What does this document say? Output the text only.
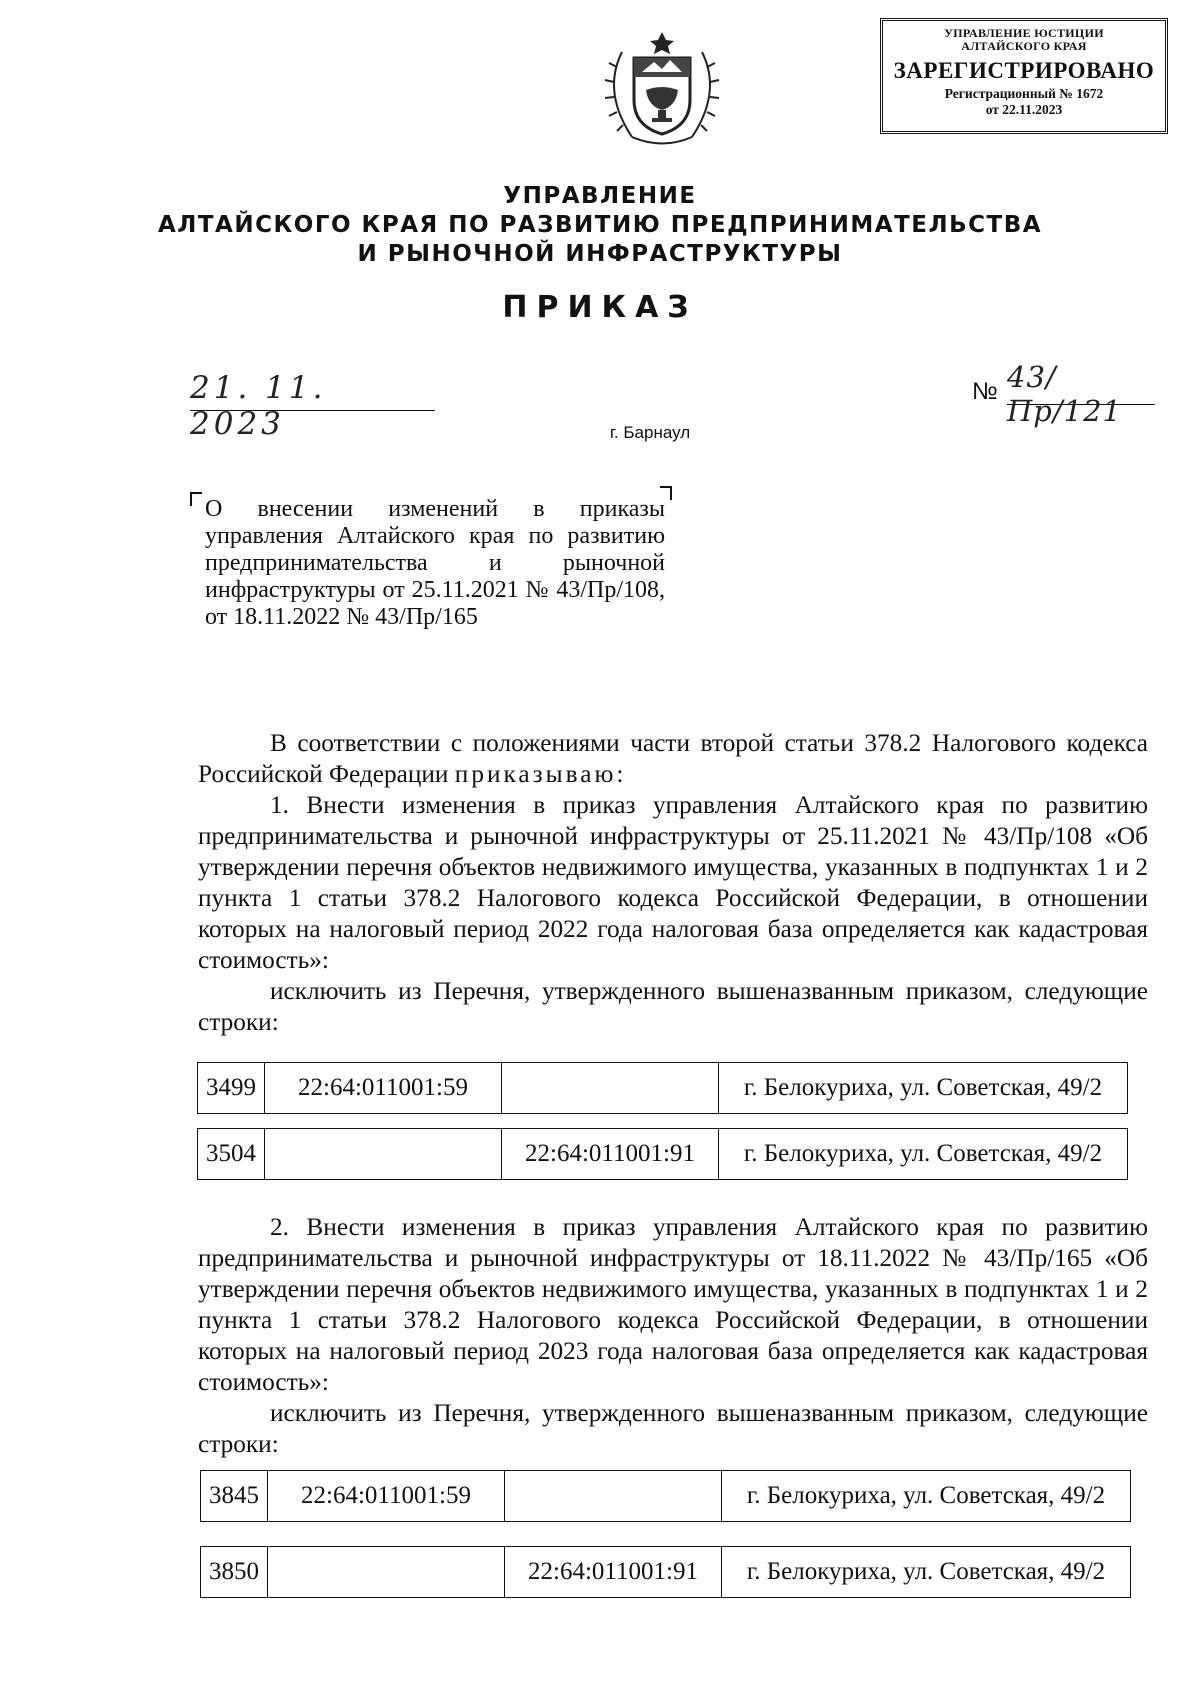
УПРАВЛЕНИЕ ЮСТИЦИИ
АЛТАЙСКОГО КРАЯ
ЗАРЕГИСТРИРОВАНО
Регистрационный № 1672
от 22.11.2023
УПРАВЛЕНИЕ
АЛТАЙСКОГО КРАЯ ПО РАЗВИТИЮ ПРЕДПРИНИМАТЕЛЬСТВА
И РЫНОЧНОЙ ИНФРАСТРУКТУРЫ
ПРИКАЗ
21. 11. 2023
№ 43/Пр/121
г. Барнаул
О внесении изменений в приказы управления Алтайского края по развитию предпринимательства и рыночной инфраструктуры от 25.11.2021 № 43/Пр/108, от 18.11.2022 № 43/Пр/165

В соответствии с положениями части второй статьи 378.2 Налогового кодекса Российской Федерации приказываю:

1. Внести изменения в приказ управления Алтайского края по развитию предпринимательства и рыночной инфраструктуры от 25.11.2021 № 43/Пр/108 «Об утверждении перечня объектов недвижимого имущества, указанных в подпунктах 1 и 2 пункта 1 статьи 378.2 Налогового кодекса Российской Федерации, в отношении которых на налоговый период 2022 года налоговая база определяется как кадастровая стоимость»:

исключить из Перечня, утвержденного вышеназванным приказом, следующие строки:

3499	22:64:011001:59		г. Белокуриха, ул. Советская, 49/2
3504		22:64:011001:91	г. Белокуриха, ул. Советская, 49/2

2. Внести изменения в приказ управления Алтайского края по развитию предпринимательства и рыночной инфраструктуры от 18.11.2022 № 43/Пр/165 «Об утверждении перечня объектов недвижимого имущества, указанных в подпунктах 1 и 2 пункта 1 статьи 378.2 Налогового кодекса Российской Федерации, в отношении которых на налоговый период 2023 года налоговая база определяется как кадастровая стоимость»:

исключить из Перечня, утвержденного вышеназванным приказом, следующие строки:

3845	22:64:011001:59		г. Белокуриха, ул. Советская, 49/2
3850		22:64:011001:91	г. Белокуриха, ул. Советская, 49/2
